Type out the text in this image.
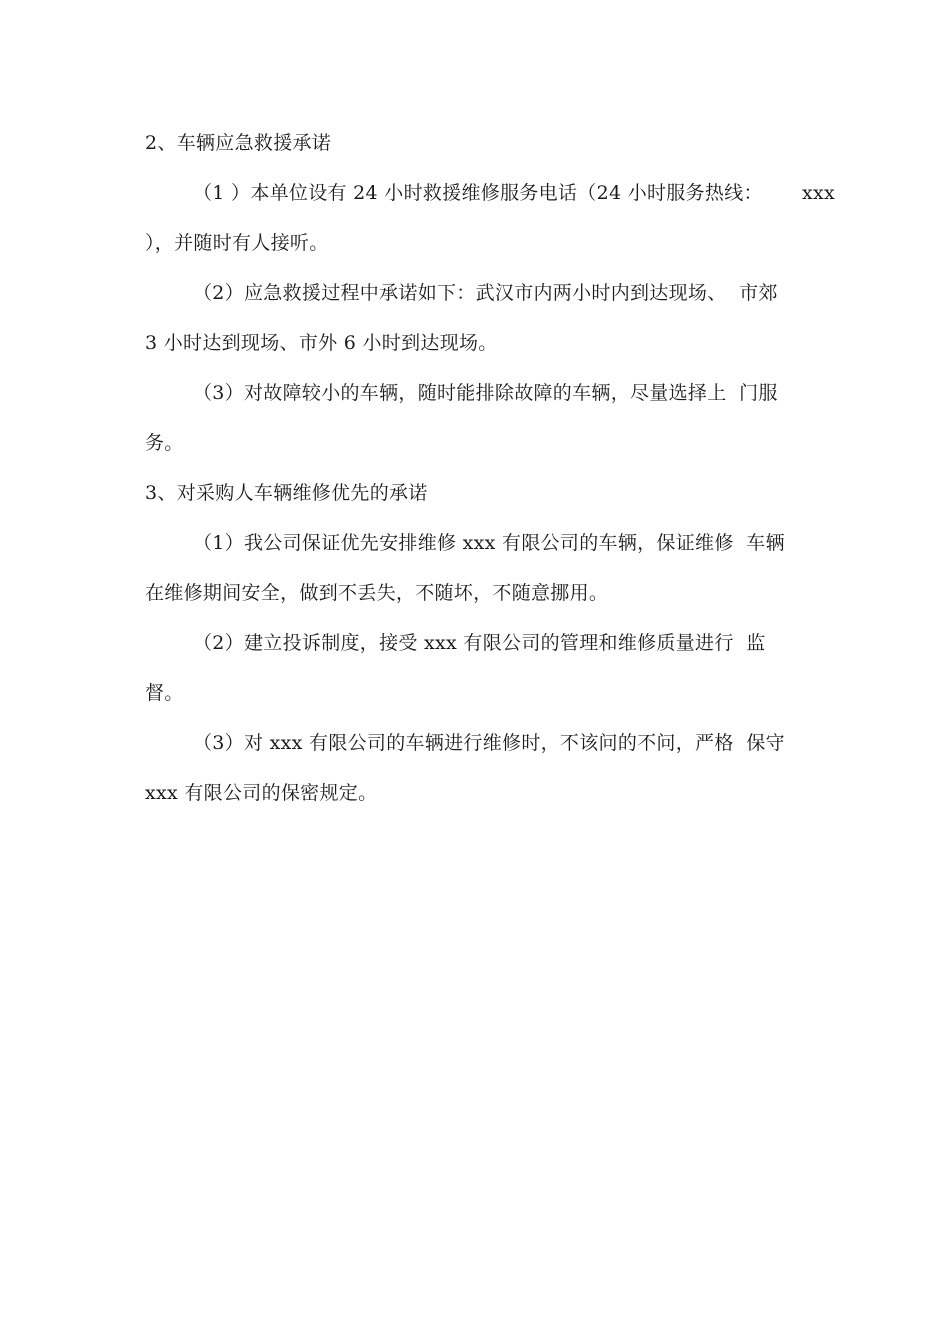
2、车辆应急救援承诺
（1 ）本单位设有 24 小时救援维修服务电话（24 小时服务热线： xxx
），并随时有人接听。
（2）应急救援过程中承诺如下：武汉市内两小时内到达现场、  市郊
3 小时达到现场、市外 6 小时到达现场。
（3）对故障较小的车辆，随时能排除故障的车辆，尽量选择上  门服
务。
3、对采购人车辆维修优先的承诺
（1）我公司保证优先安排维修 xxx 有限公司的车辆，保证维修  车辆
在维修期间安全，做到不丢失，不随坏，不随意挪用。
（2）建立投诉制度，接受 xxx 有限公司的管理和维修质量进行  监
督。
（3）对 xxx 有限公司的车辆进行维修时，不该问的不问，严格  保守
xxx 有限公司的保密规定。
